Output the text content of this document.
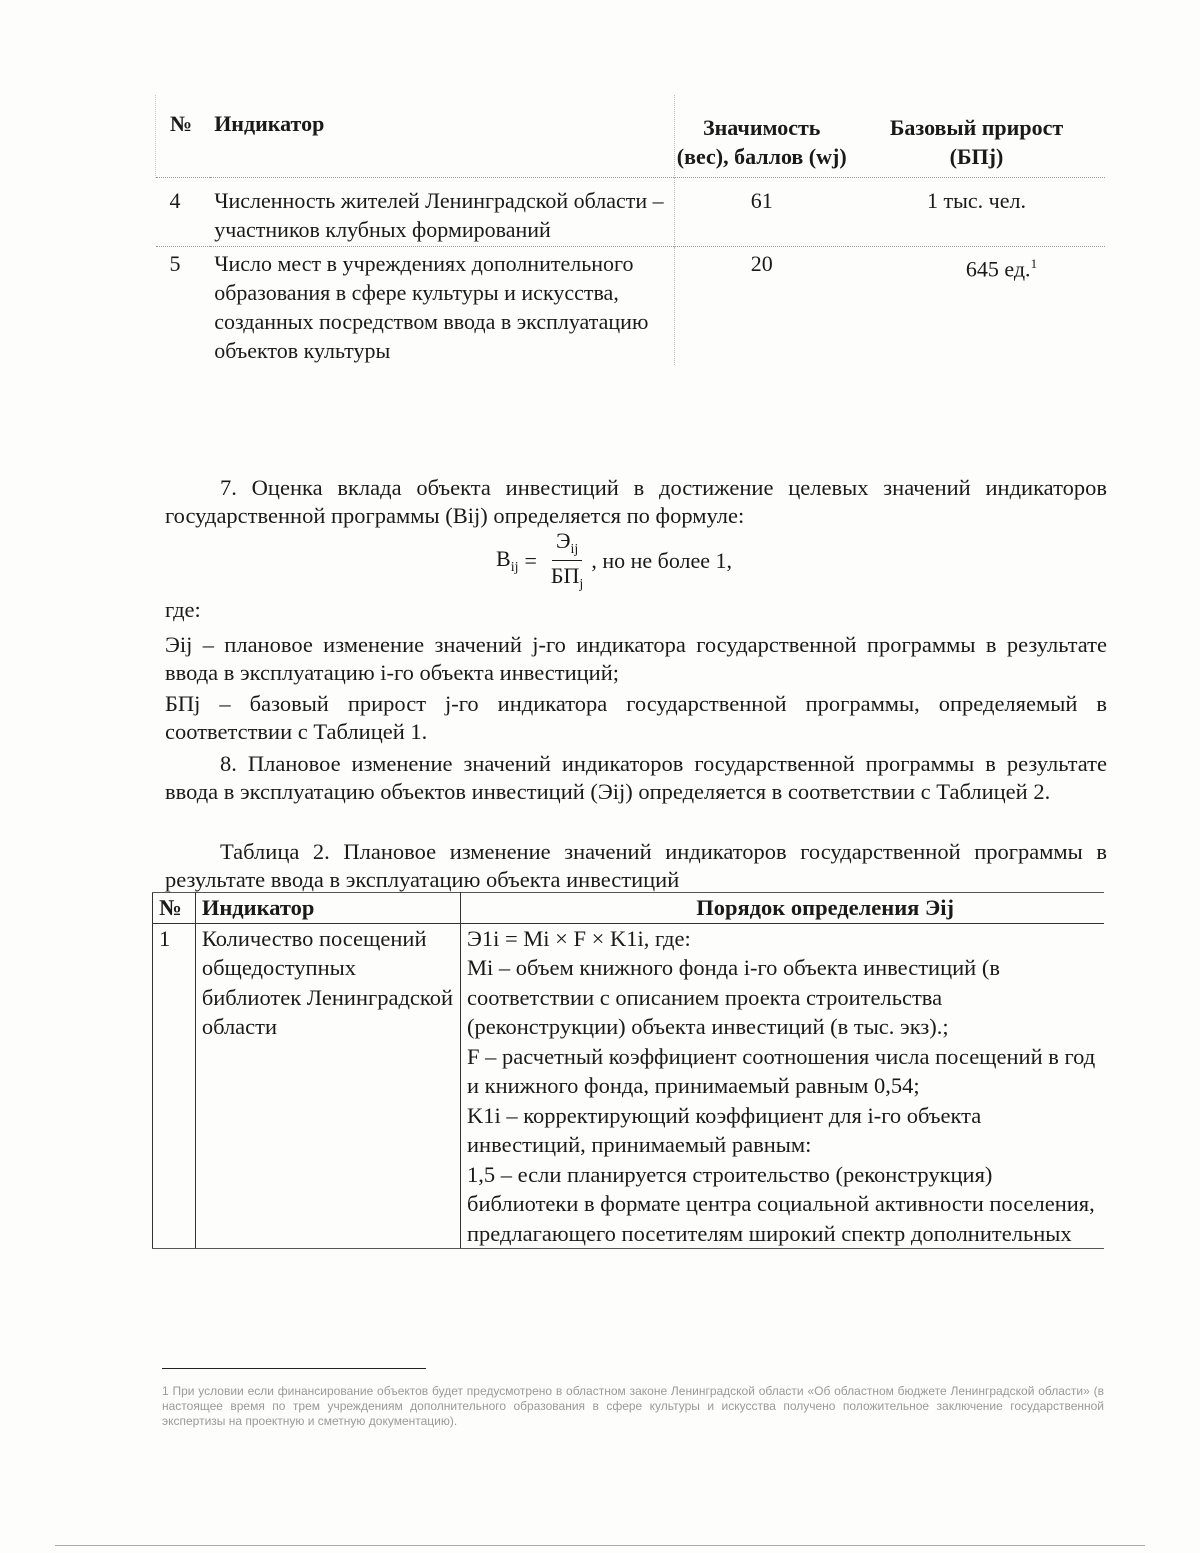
№	Индикатор	Значимость (вес), баллов (wj)	Базовый прирост (БПj)
4	Численность жителей Ленинградской области – участников клубных формирований	61	1 тыс. чел.
5	Число мест в учреждениях дополнительного образования в сфере культуры и искусства, созданных посредством ввода в эксплуатацию объектов культуры	20	645 ед.$^1$
7. Оценка вклада объекта инвестиций в достижение целевых значений индикаторов государственной программы (Bij) определяется по формуле:
$B_{ij} = \frac{Э_{ij}}{БП_j}$ , но не более 1,
где:
Эij – плановое изменение значений j-го индикатора государственной программы в результате ввода в эксплуатацию i-го объекта инвестиций;
БПj – базовый прирост j-го индикатора государственной программы, определяемый в соответствии с Таблицей 1.
8. Плановое изменение значений индикаторов государственной программы в результате ввода в эксплуатацию объектов инвестиций (Эij) определяется в соответствии с Таблицей 2.
Таблица 2. Плановое изменение значений индикаторов государственной программы в результате ввода в эксплуатацию объекта инвестиций
№	Индикатор	Порядок определения Эij
1	Количество посещений общедоступных библиотек Ленинградской области	Э1i = Mi × F × K1i, где:
Mi – объем книжного фонда i-го объекта инвестиций (в соответствии с описанием проекта строительства (реконструкции) объекта инвестиций (в тыс. экз).;
F – расчетный коэффициент соотношения числа посещений в год и книжного фонда, принимаемый равным 0,54;
K1i – корректирующий коэффициент для i-го объекта инвестиций, принимаемый равным:
1,5 – если планируется строительство (реконструкция) библиотеки в формате центра социальной активности поселения, предлагающего посетителям широкий спектр дополнительных
1 При условии если финансирование объектов будет предусмотрено в областном законе Ленинградской области «Об областном бюджете Ленинградской области» (в настоящее время по трем учреждениям дополнительного образования в сфере культуры и искусства получено положительное заключение государственной экспертизы на проектную и сметную документацию).
